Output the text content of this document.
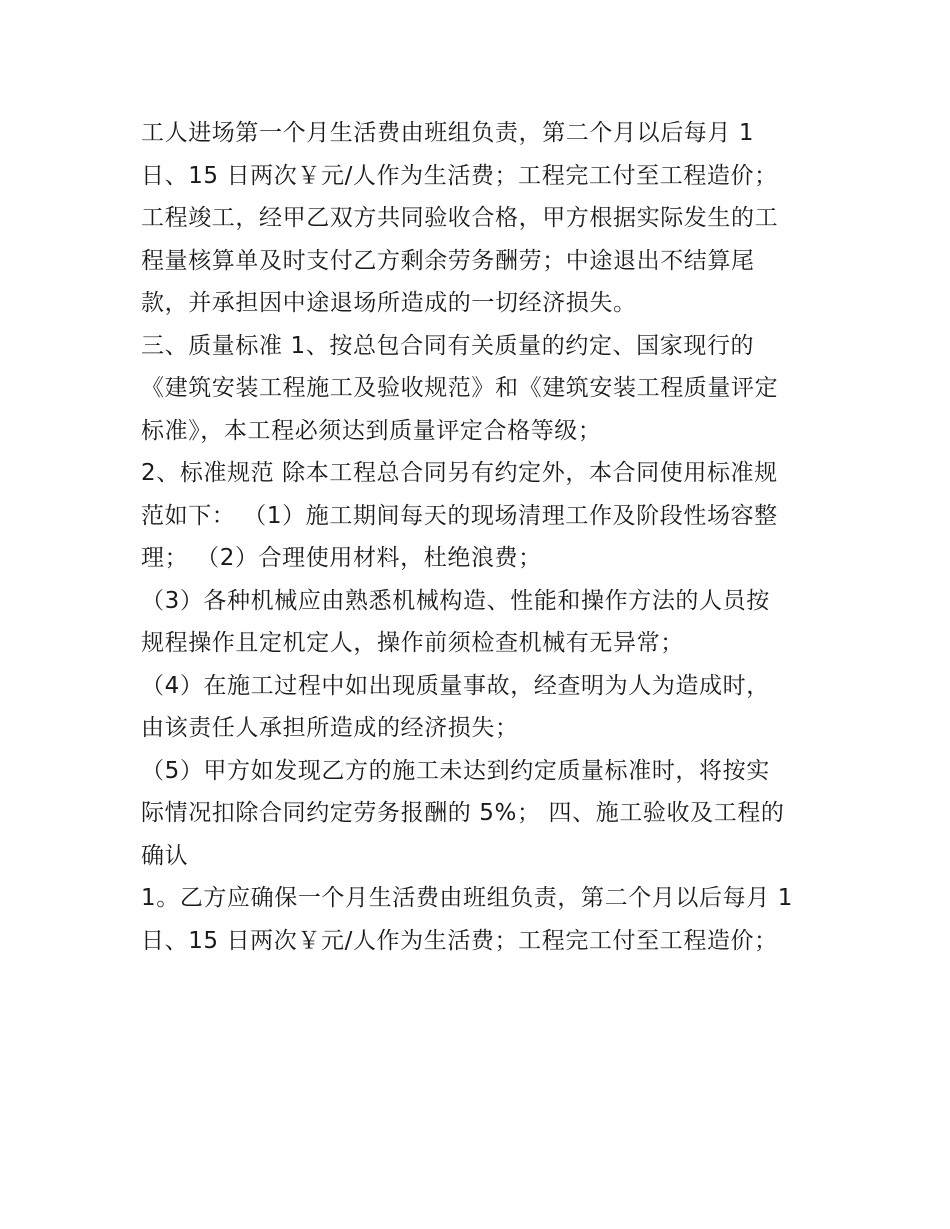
工人进场第一个月生活费由班组负责，第二个月以后每月 1
日、15 日两次￥元/人作为生活费；工程完工付至工程造价；
工程竣工，经甲乙双方共同验收合格，甲方根据实际发生的工
程量核算单及时支付乙方剩余劳务酬劳；中途退出不结算尾
款，并承担因中途退场所造成的一切经济损失。
三、质量标准 1、按总包合同有关质量的约定、国家现行的
《建筑安装工程施工及验收规范》和《建筑安装工程质量评定
标准》，本工程必须达到质量评定合格等级；
2、标准规范 除本工程总合同另有约定外，本合同使用标准规
范如下： （1）施工期间每天的现场清理工作及阶段性场容整
理； （2）合理使用材料，杜绝浪费；
（3）各种机械应由熟悉机械构造、性能和操作方法的人员按
规程操作且定机定人，操作前须检查机械有无异常；
（4）在施工过程中如出现质量事故，经查明为人为造成时，
由该责任人承担所造成的经济损失；
（5）甲方如发现乙方的施工未达到约定质量标准时，将按实
际情况扣除合同约定劳务报酬的 5%； 四、施工验收及工程的
确认
1。乙方应确保一个月生活费由班组负责，第二个月以后每月 1
日、15 日两次￥元/人作为生活费；工程完工付至工程造价；
